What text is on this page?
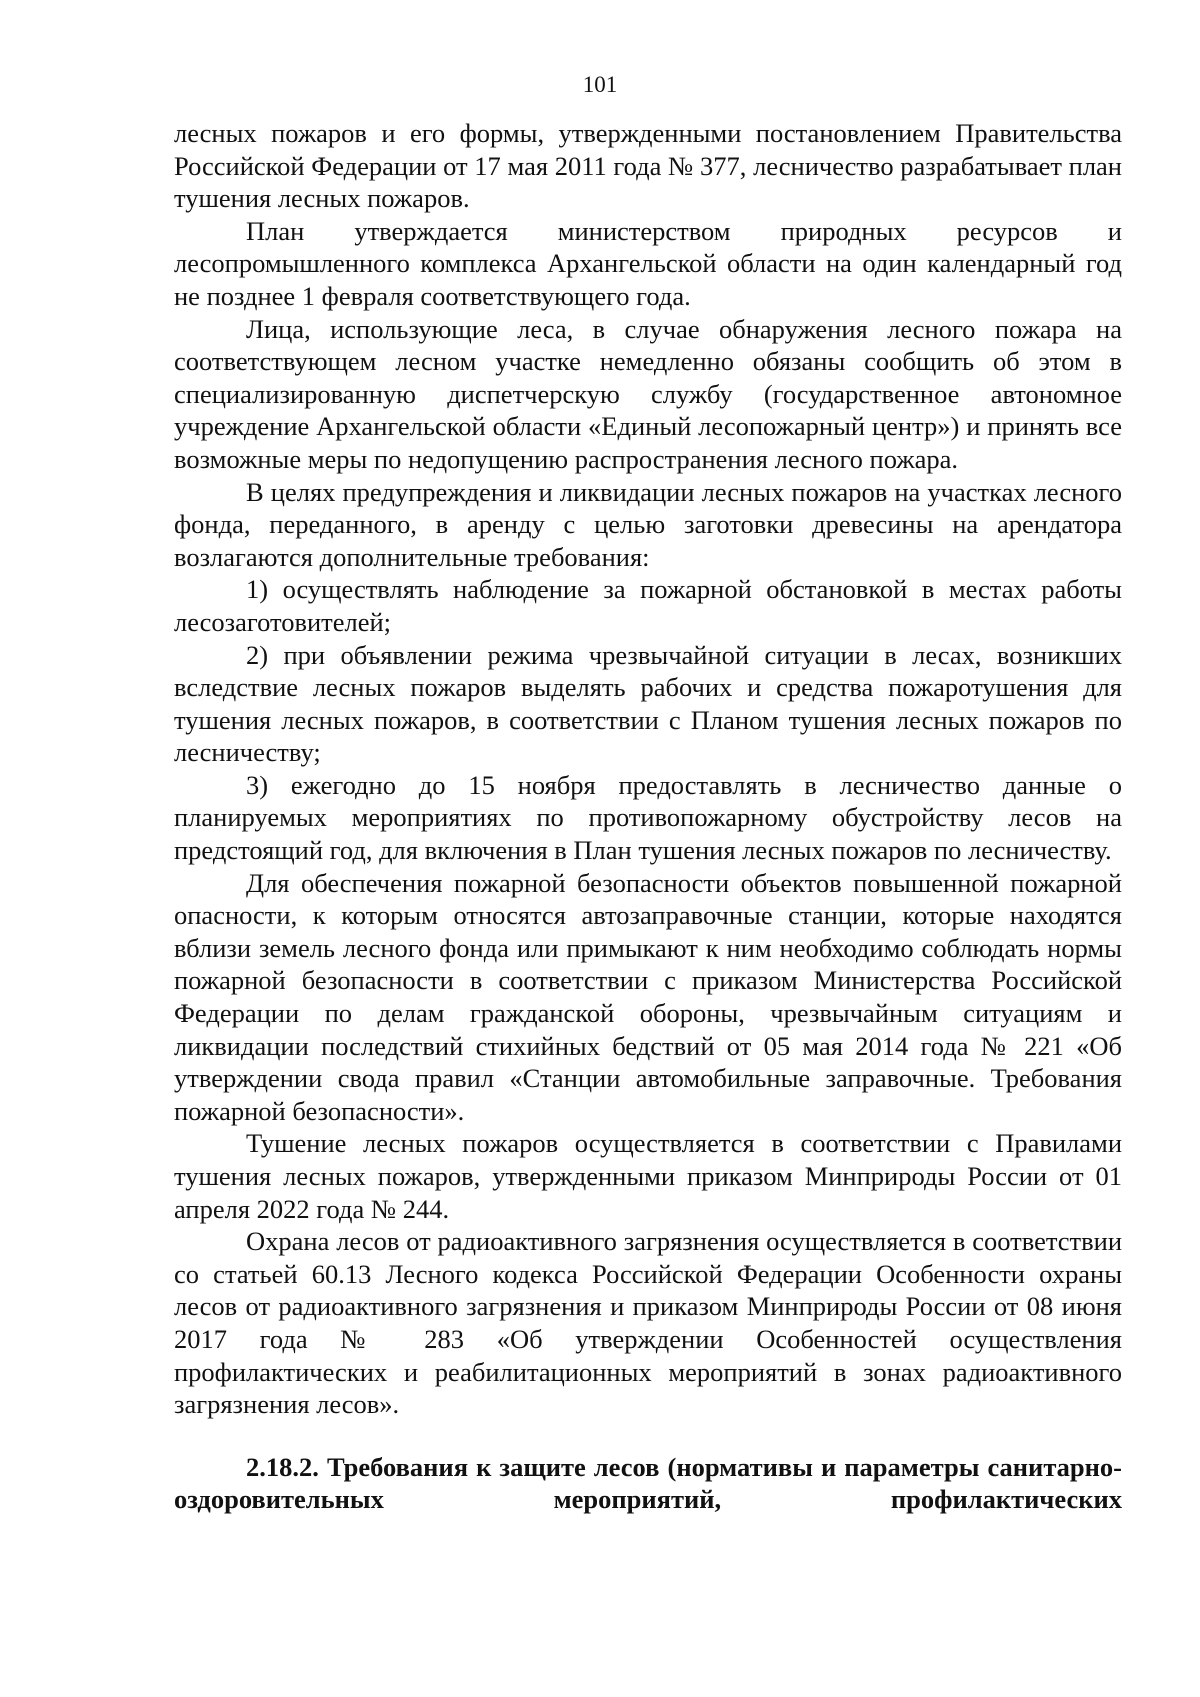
101

лесных пожаров и его формы, утвержденными постановлением Правительства Российской Федерации от 17 мая 2011 года № 377, лесничество разрабатывает план тушения лесных пожаров.

План утверждается министерством природных ресурсов и лесопромышленного комплекса Архангельской области на один календарный год не позднее 1 февраля соответствующего года.

Лица, использующие леса, в случае обнаружения лесного пожара на соответствующем лесном участке немедленно обязаны сообщить об этом в специализированную диспетчерскую службу (государственное автономное учреждение Архангельской области «Единый лесопожарный центр») и принять все возможные меры по недопущению распространения лесного пожара.

В целях предупреждения и ликвидации лесных пожаров на участках лесного фонда, переданного, в аренду с целью заготовки древесины на арендатора возлагаются дополнительные требования:

1) осуществлять наблюдение за пожарной обстановкой в местах работы лесозаготовителей;

2) при объявлении режима чрезвычайной ситуации в лесах, возникших вследствие лесных пожаров выделять рабочих и средства пожаротушения для тушения лесных пожаров, в соответствии с Планом тушения лесных пожаров по лесничеству;

3) ежегодно до 15 ноября предоставлять в лесничество данные о планируемых мероприятиях по противопожарному обустройству лесов на предстоящий год, для включения в План тушения лесных пожаров по лесничеству.

Для обеспечения пожарной безопасности объектов повышенной пожарной опасности, к которым относятся автозаправочные станции, которые находятся вблизи земель лесного фонда или примыкают к ним необходимо соблюдать нормы пожарной безопасности в соответствии с приказом Министерства Российской Федерации по делам гражданской обороны, чрезвычайным ситуациям и ликвидации последствий стихийных бедствий от 05 мая 2014 года № 221 «Об утверждении свода правил «Станции автомобильные заправочные. Требования пожарной безопасности».

Тушение лесных пожаров осуществляется в соответствии с Правилами тушения лесных пожаров, утвержденными приказом Минприроды России от 01 апреля 2022 года № 244.

Охрана лесов от радиоактивного загрязнения осуществляется в соответствии со статьей 60.13 Лесного кодекса Российской Федерации Особенности охраны лесов от радиоактивного загрязнения и приказом Минприроды России от 08 июня 2017 года № 283 «Об утверждении Особенностей осуществления профилактических и реабилитационных мероприятий в зонах радиоактивного загрязнения лесов».

2.18.2. Требования к защите лесов (нормативы и параметры санитарно-оздоровительных мероприятий, профилактических
